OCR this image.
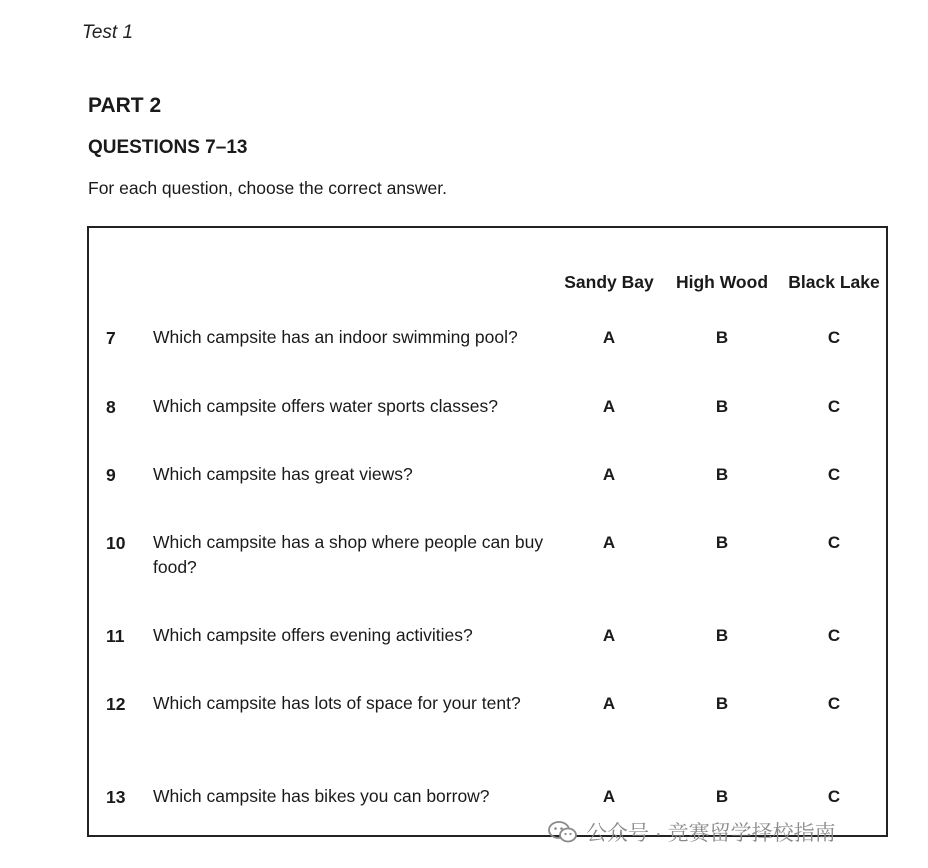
Test 1
PART 2
QUESTIONS 7–13
For each question, choose the correct answer.
Sandy Bay High Wood Black Lake
7 Which campsite has an indoor swimming pool?	A	B	C
8 Which campsite offers water sports classes?	A	B	C
9 Which campsite has great views?	A	B	C
10 Which campsite has a shop where people can buy food?
A	B	C
11 Which campsite offers evening activities?	A	B	C
12 Which campsite has lots of space for your tent?	A	B	C
13 Which campsite has bikes you can borrow?	A	B	C
公众号 · 竞赛留学择校指南
